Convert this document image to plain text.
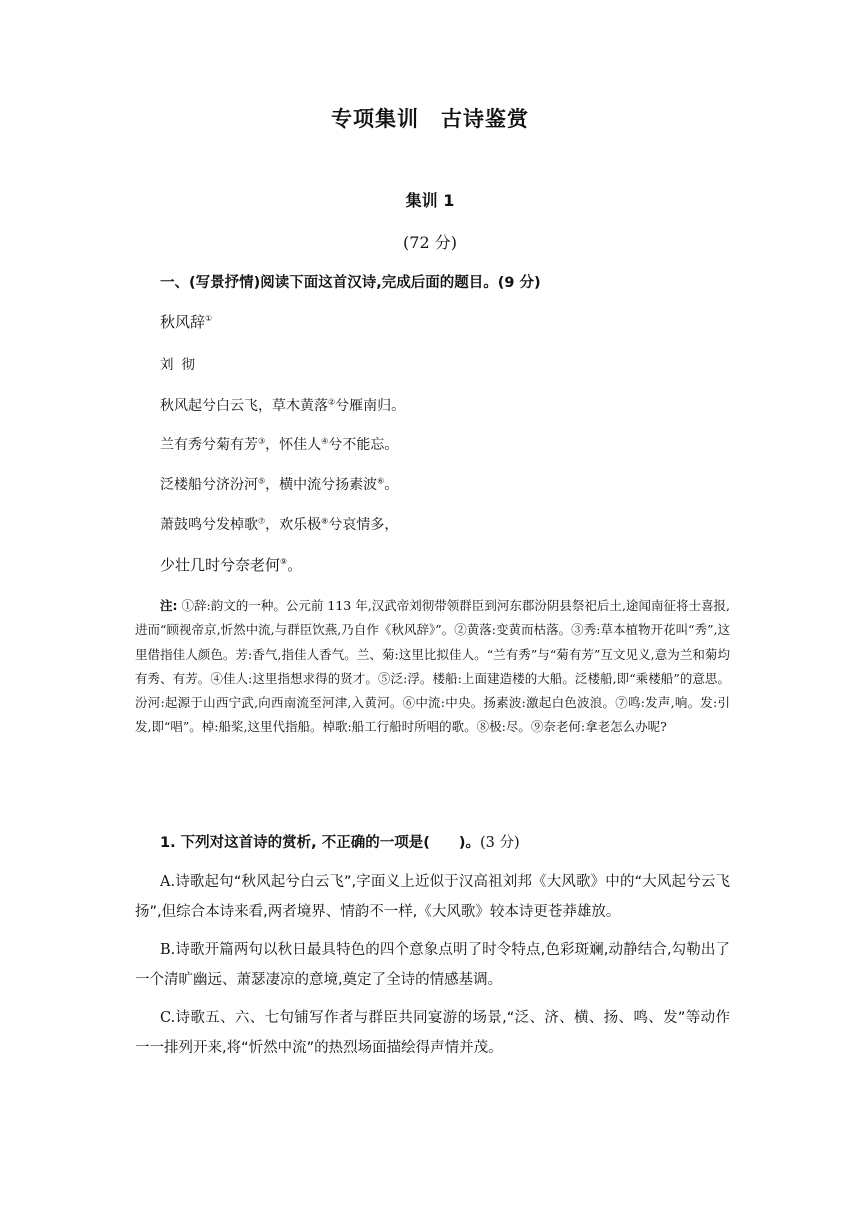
专项集训　古诗鉴赏
集训 1
(72 分)
一、(写景抒情)阅读下面这首汉诗,完成后面的题目。(9 分)
秋风辞①
刘彻
秋风起兮白云飞，草木黄落②兮雁南归。
兰有秀兮菊有芳③，怀佳人④兮不能忘。
泛楼船兮济汾河⑤，横中流兮扬素波⑥。
萧鼓鸣兮发棹歌⑦，欢乐极⑧兮哀情多，
少壮几时兮奈老何⑨。
注: ①辞:韵文的一种。公元前 113 年,汉武帝刘彻带领群臣到河东郡汾阴县祭祀后土,途闻南征将士喜报,进而“顾视帝京,忻然中流,与群臣饮燕,乃自作《秋风辞》”。②黄落:变黄而枯落。③秀:草本植物开花叫“秀”,这里借指佳人颜色。芳:香气,指佳人香气。兰、菊:这里比拟佳人。“兰有秀”与“菊有芳”互文见义,意为兰和菊均有秀、有芳。④佳人:这里指想求得的贤才。⑤泛:浮。楼船:上面建造楼的大船。泛楼船,即“乘楼船”的意思。汾河:起源于山西宁武,向西南流至河津,入黄河。⑥中流:中央。扬素波:激起白色波浪。⑦鸣:发声,响。发:引发,即“唱”。棹:船桨,这里代指船。棹歌:船工行船时所唱的歌。⑧极:尽。⑨奈老何:拿老怎么办呢?
1. 下列对这首诗的赏析, 不正确的一项是(　　)。(3 分)
A.诗歌起句“秋风起兮白云飞”,字面义上近似于汉高祖刘邦《大风歌》中的“大风起兮云飞扬”,但综合本诗来看,两者境界、情韵不一样,《大风歌》较本诗更苍莽雄放。
B.诗歌开篇两句以秋日最具特色的四个意象点明了时令特点,色彩斑斓,动静结合,勾勒出了一个清旷幽远、萧瑟凄凉的意境,奠定了全诗的情感基调。
C.诗歌五、六、七句铺写作者与群臣共同宴游的场景,“泛、济、横、扬、鸣、发”等动作一一排列开来,将“忻然中流”的热烈场面描绘得声情并茂。
